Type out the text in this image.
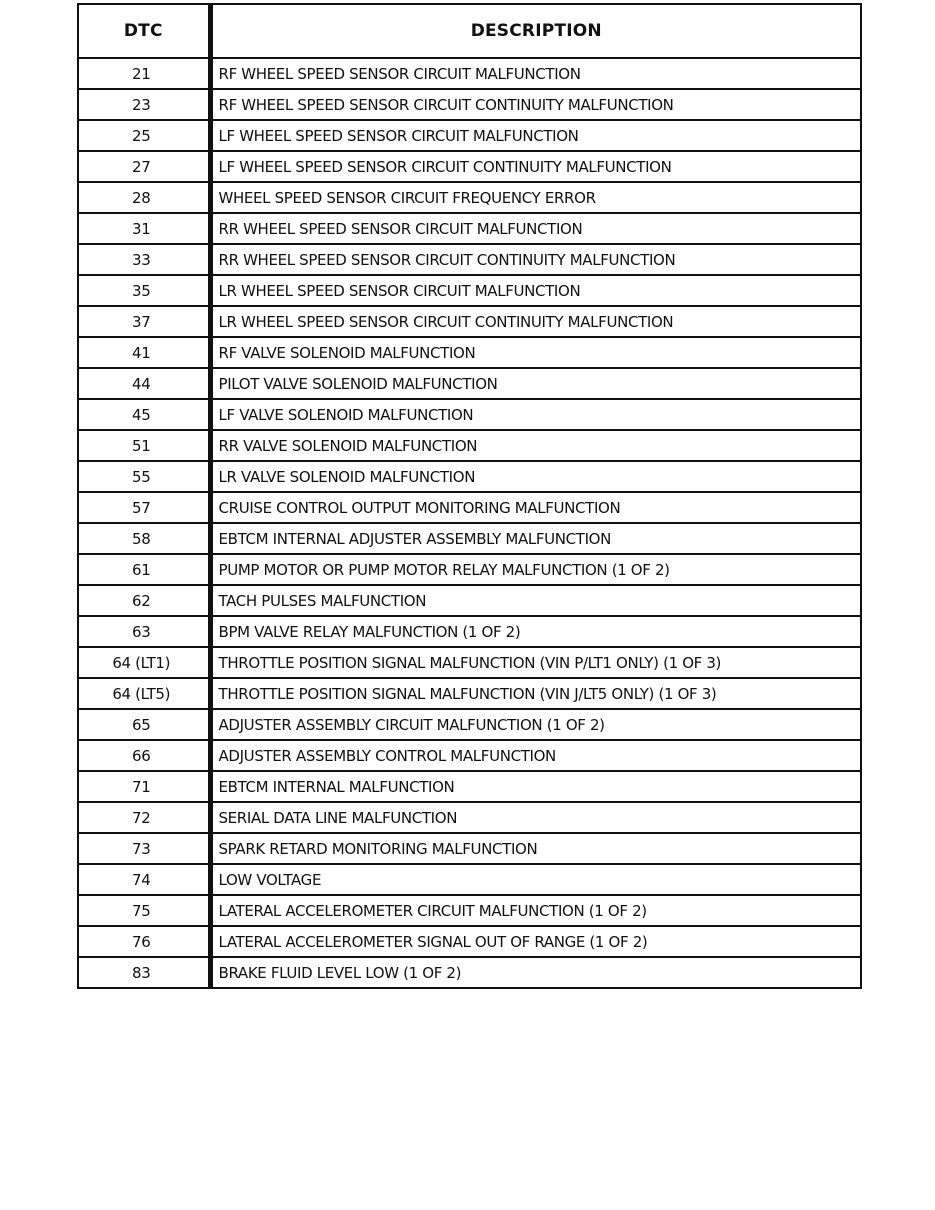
DTC	DESCRIPTION
21	RF WHEEL SPEED SENSOR CIRCUIT MALFUNCTION
23	RF WHEEL SPEED SENSOR CIRCUIT CONTINUITY MALFUNCTION
25	LF WHEEL SPEED SENSOR CIRCUIT MALFUNCTION
27	LF WHEEL SPEED SENSOR CIRCUIT CONTINUITY MALFUNCTION
28	WHEEL SPEED SENSOR CIRCUIT FREQUENCY ERROR
31	RR WHEEL SPEED SENSOR CIRCUIT MALFUNCTION
33	RR WHEEL SPEED SENSOR CIRCUIT CONTINUITY MALFUNCTION
35	LR WHEEL SPEED SENSOR CIRCUIT MALFUNCTION
37	LR WHEEL SPEED SENSOR CIRCUIT CONTINUITY MALFUNCTION
41	RF VALVE SOLENOID MALFUNCTION
44	PILOT VALVE SOLENOID MALFUNCTION
45	LF VALVE SOLENOID MALFUNCTION
51	RR VALVE SOLENOID MALFUNCTION
55	LR VALVE SOLENOID MALFUNCTION
57	CRUISE CONTROL OUTPUT MONITORING MALFUNCTION
58	EBTCM INTERNAL ADJUSTER ASSEMBLY MALFUNCTION
61	PUMP MOTOR OR PUMP MOTOR RELAY MALFUNCTION (1 OF 2)
62	TACH PULSES MALFUNCTION
63	BPM VALVE RELAY MALFUNCTION (1 OF 2)
64 (LT1)	THROTTLE POSITION SIGNAL MALFUNCTION (VIN P/LT1 ONLY) (1 OF 3)
64 (LT5)	THROTTLE POSITION SIGNAL MALFUNCTION (VIN J/LT5 ONLY) (1 OF 3)
65	ADJUSTER ASSEMBLY CIRCUIT MALFUNCTION (1 OF 2)
66	ADJUSTER ASSEMBLY CONTROL MALFUNCTION
71	EBTCM INTERNAL MALFUNCTION
72	SERIAL DATA LINE MALFUNCTION
73	SPARK RETARD MONITORING MALFUNCTION
74	LOW VOLTAGE
75	LATERAL ACCELEROMETER CIRCUIT MALFUNCTION (1 OF 2)
76	LATERAL ACCELEROMETER SIGNAL OUT OF RANGE (1 OF 2)
83	BRAKE FLUID LEVEL LOW (1 OF 2)
